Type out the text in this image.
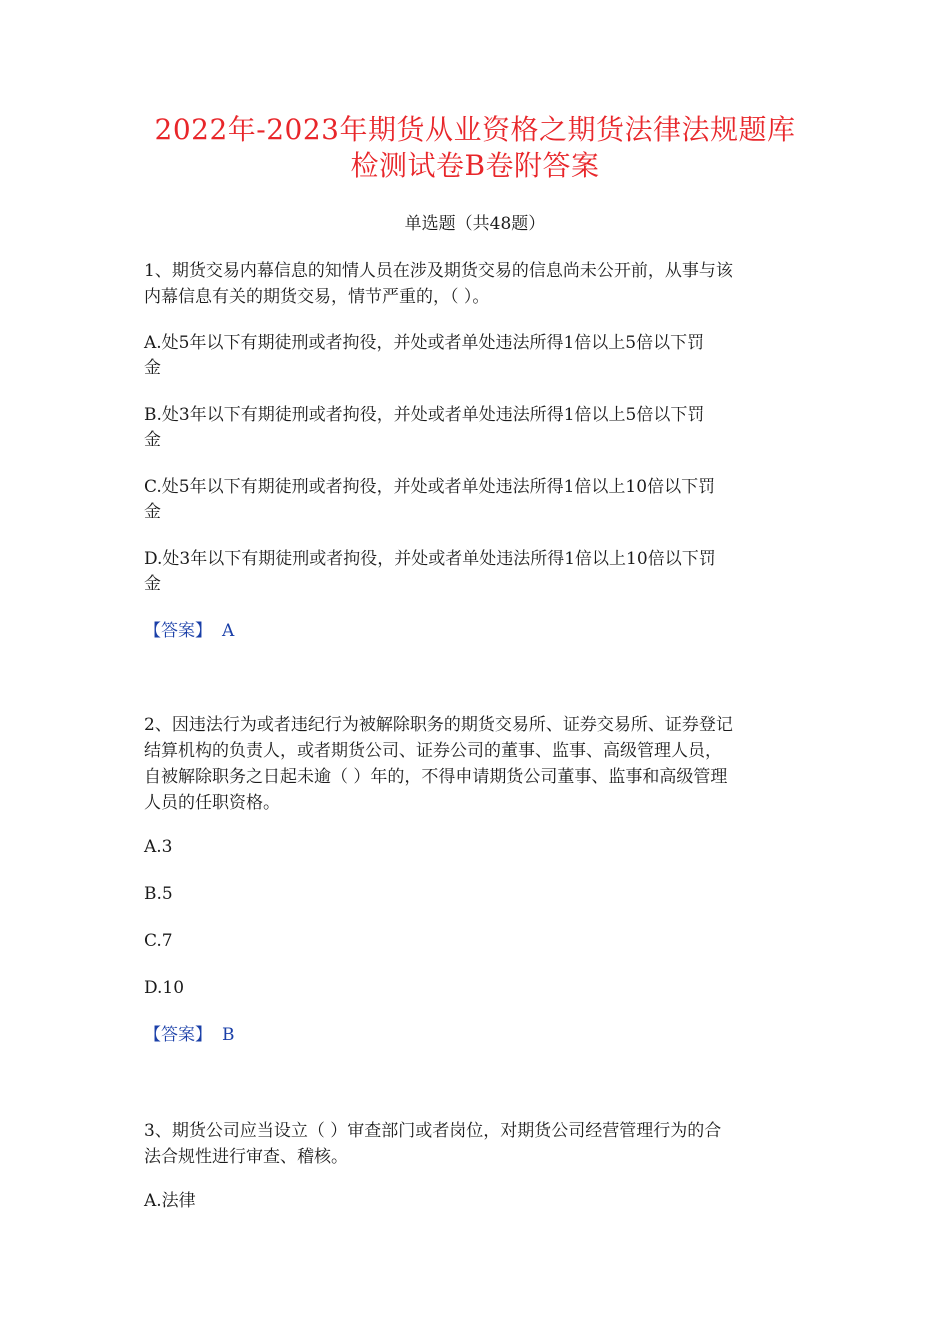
2022年-2023年期货从业资格之期货法律法规题库
检测试卷B卷附答案
单选题（共48题）
1、期货交易内幕信息的知情人员在涉及期货交易的信息尚未公开前，从事与该
内幕信息有关的期货交易，情节严重的，（ ）。
A.处5年以下有期徒刑或者拘役，并处或者单处违法所得1倍以上5倍以下罚
金
B.处3年以下有期徒刑或者拘役，并处或者单处违法所得1倍以上5倍以下罚
金
C.处5年以下有期徒刑或者拘役，并处或者单处违法所得1倍以上10倍以下罚
金
D.处3年以下有期徒刑或者拘役，并处或者单处违法所得1倍以上10倍以下罚
金
【答案】 A
2、因违法行为或者违纪行为被解除职务的期货交易所、证券交易所、证券登记
结算机构的负责人，或者期货公司、证券公司的董事、监事、高级管理人员，
自被解除职务之日起未逾（ ）年的，不得申请期货公司董事、监事和高级管理
人员的任职资格。
A.3
B.5
C.7
D.10
【答案】 B
3、期货公司应当设立（ ）审查部门或者岗位，对期货公司经营管理行为的合
法合规性进行审查、稽核。
A.法律
